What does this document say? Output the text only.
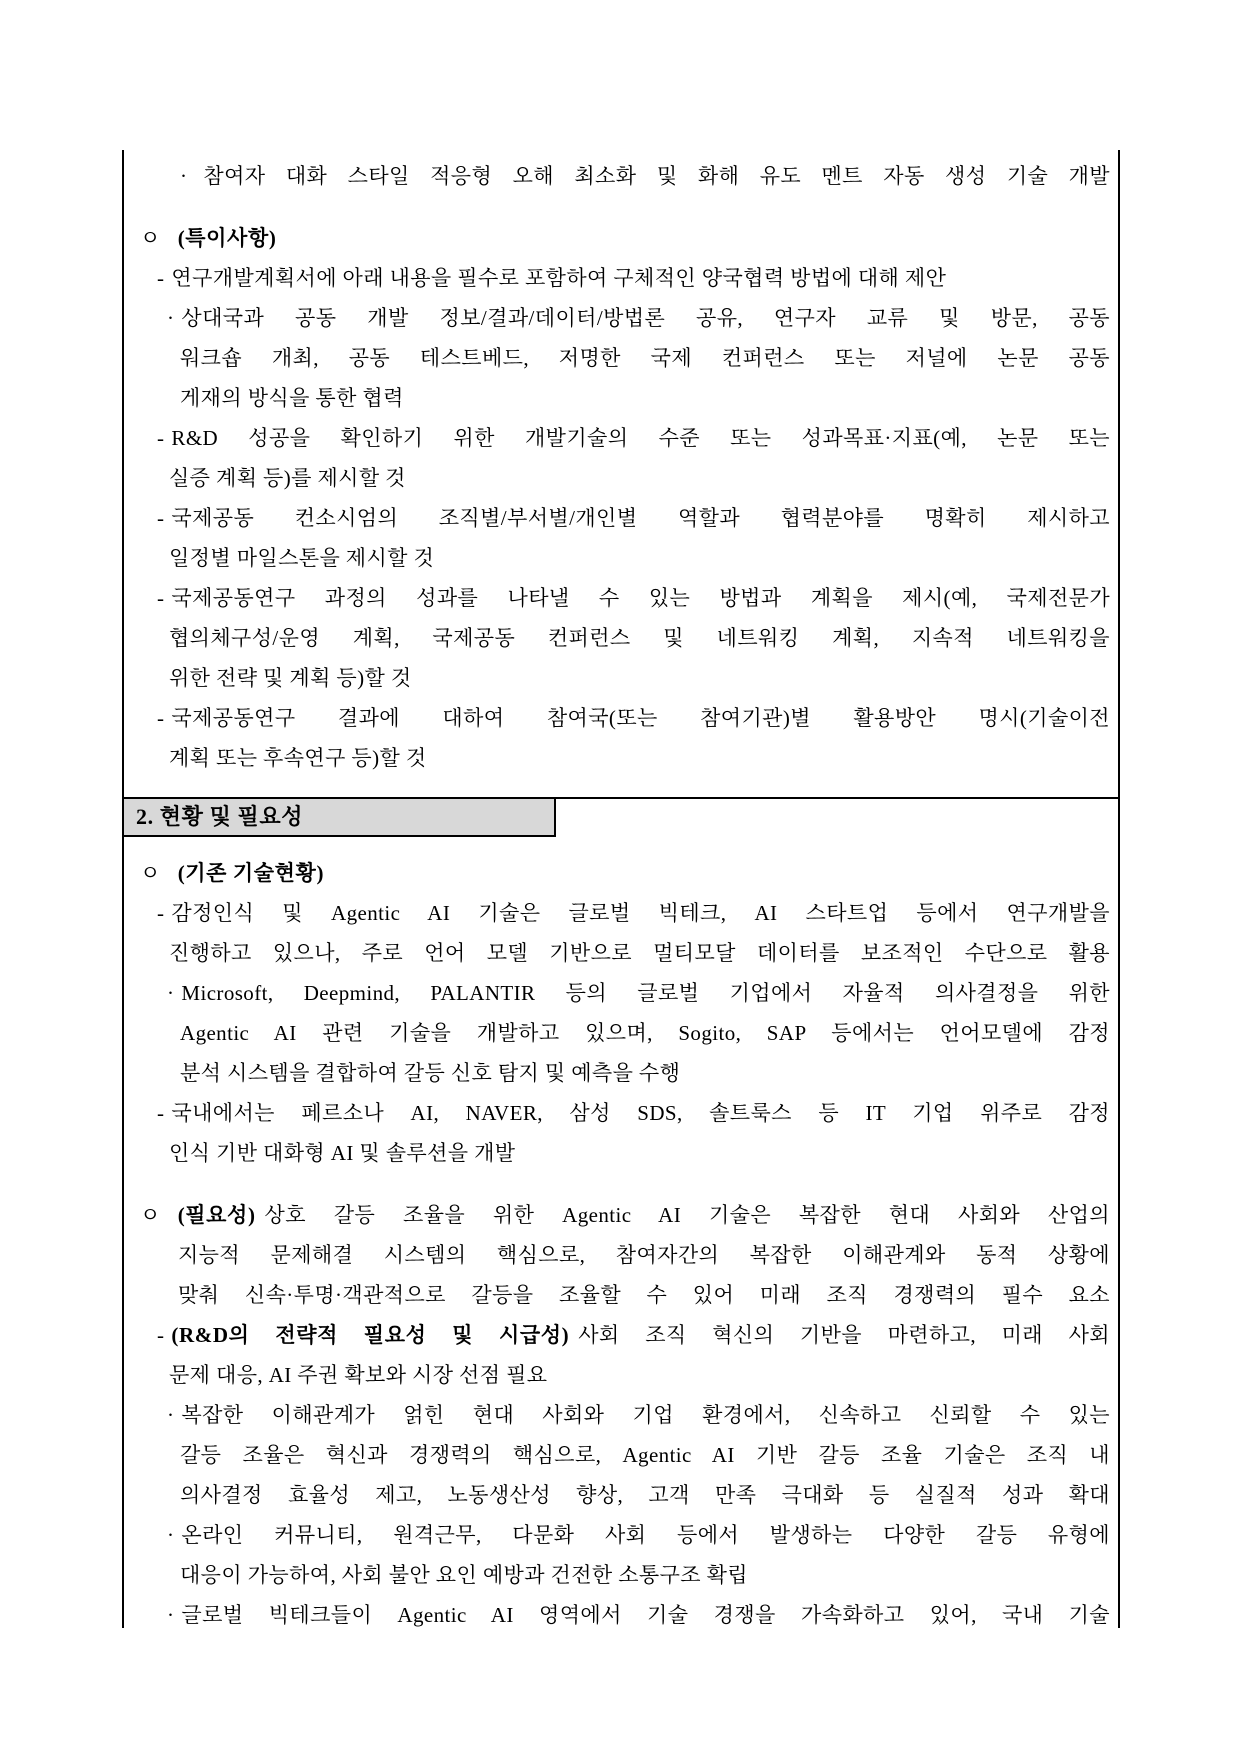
· 참여자 대화 스타일 적응형 오해 최소화 및 화해 유도 멘트 자동 생성 기술 개발
ㅇ (특이사항)
- 연구개발계획서에 아래 내용을 필수로 포함하여 구체적인 양국협력 방법에 대해 제안
· 상대국과 공동 개발 정보/결과/데이터/방법론 공유, 연구자 교류 및 방문, 공동
워크숍 개최, 공동 테스트베드, 저명한 국제 컨퍼런스 또는 저널에 논문 공동
게재의 방식을 통한 협력
- R&D 성공을 확인하기 위한 개발기술의 수준 또는 성과목표·지표(예, 논문 또는
실증 계획 등)를 제시할 것
- 국제공동 컨소시엄의 조직별/부서별/개인별 역할과 협력분야를 명확히 제시하고
일정별 마일스톤을 제시할 것
- 국제공동연구 과정의 성과를 나타낼 수 있는 방법과 계획을 제시(예, 국제전문가
협의체구성/운영 계획, 국제공동 컨퍼런스 및 네트워킹 계획, 지속적 네트워킹을
위한 전략 및 계획 등)할 것
- 국제공동연구 결과에 대하여 참여국(또는 참여기관)별 활용방안 명시(기술이전
계획 또는 후속연구 등)할 것
2. 현황 및 필요성
ㅇ (기존 기술현황)
- 감정인식 및 Agentic AI 기술은 글로벌 빅테크, AI 스타트업 등에서 연구개발을
진행하고 있으나, 주로 언어 모델 기반으로 멀티모달 데이터를 보조적인 수단으로 활용
· Microsoft, Deepmind, PALANTIR 등의 글로벌 기업에서 자율적 의사결정을 위한
Agentic AI 관련 기술을 개발하고 있으며, Sogito, SAP 등에서는 언어모델에 감정
분석 시스템을 결합하여 갈등 신호 탐지 및 예측을 수행
- 국내에서는 페르소나 AI, NAVER, 삼성 SDS, 솔트룩스 등 IT 기업 위주로 감정
인식 기반 대화형 AI 및 솔루션을 개발
ㅇ (필요성) 상호 갈등 조율을 위한 Agentic AI 기술은 복잡한 현대 사회와 산업의
지능적 문제해결 시스템의 핵심으로, 참여자간의 복잡한 이해관계와 동적 상황에
맞춰 신속·투명·객관적으로 갈등을 조율할 수 있어 미래 조직 경쟁력의 필수 요소
- (R&D의 전략적 필요성 및 시급성) 사회 조직 혁신의 기반을 마련하고, 미래 사회
문제 대응, AI 주권 확보와 시장 선점 필요
· 복잡한 이해관계가 얽힌 현대 사회와 기업 환경에서, 신속하고 신뢰할 수 있는
갈등 조율은 혁신과 경쟁력의 핵심으로, Agentic AI 기반 갈등 조율 기술은 조직 내
의사결정 효율성 제고, 노동생산성 향상, 고객 만족 극대화 등 실질적 성과 확대
· 온라인 커뮤니티, 원격근무, 다문화 사회 등에서 발생하는 다양한 갈등 유형에
대응이 가능하여, 사회 불안 요인 예방과 건전한 소통구조 확립
· 글로벌 빅테크들이 Agentic AI 영역에서 기술 경쟁을 가속화하고 있어, 국내 기술
